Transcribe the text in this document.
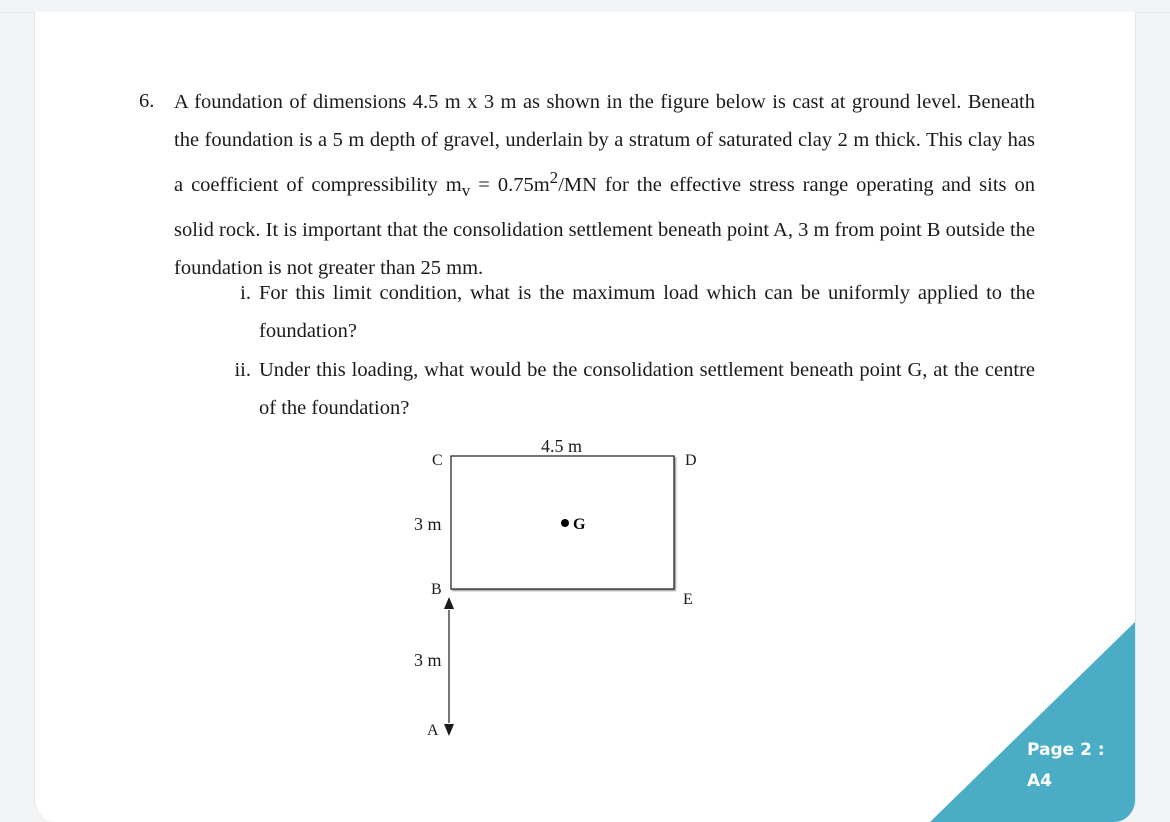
6. A foundation of dimensions 4.5 m x 3 m as shown in the figure below is cast at ground level. Beneath the foundation is a 5 m depth of gravel, underlain by a stratum of saturated clay 2 m thick. This clay has a coefficient of compressibility $m_v = 0.75m^2/MN$ for the effective stress range operating and sits on solid rock. It is important that the consolidation settlement beneath point A, 3 m from point B outside the foundation is not greater than 25 mm.

i. For this limit condition, what is the maximum load which can be uniformly applied to the foundation?

ii. Under this loading, what would be the consolidation settlement beneath point G, at the centre of the foundation?

G
4.5 m
C	D
3 m
B
E
3 m
A
Page 2 :
A4
